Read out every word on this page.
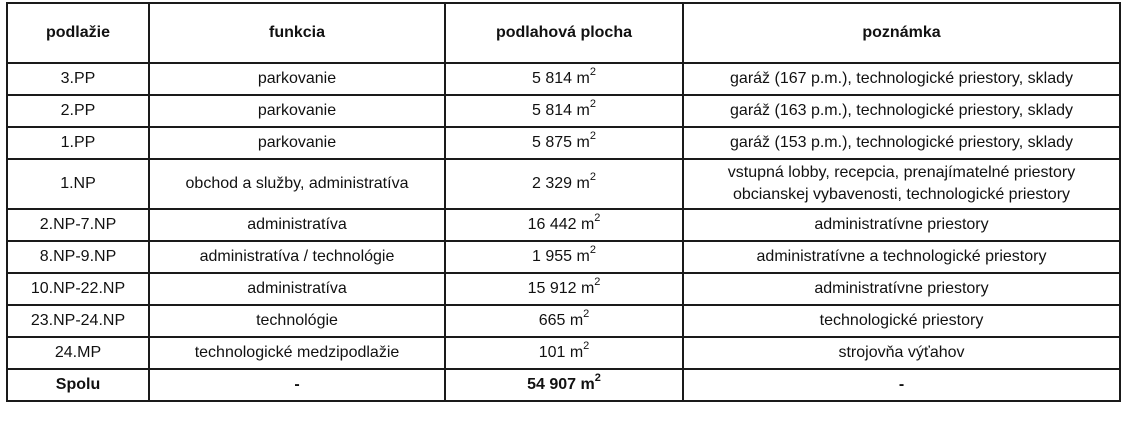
podlažie	funkcia	podlahová plocha	poznámka
3.PP	parkovanie	5 814 $m^2$	garáž (167 p.m.), technologické priestory, sklady

2.PP	parkovanie	5 814 $m^2$	garáž (163 p.m.), technologické priestory, sklady

1.PP	parkovanie	5 875 $m^2$	garáž (153 p.m.), technologické priestory, sklady

1.NP	obchod a služby, administratíva	2 329 $m^2$	vstupná lobby, recepcia, prenajímatelné priestory
obcianskej vybavenosti, technologické priestory

2.NP-7.NP	administratíva	16 442 $m^2$	administratívne priestory

8.NP-9.NP	administratíva / technológie	1 955 $m^2$	administratívne a technologické priestory

10.NP-22.NP	administratíva	15 912 $m^2$	administratívne priestory

23.NP-24.NP	technológie	665 $m^2$	technologické priestory

24.MP	technologické medzipodlažie	101 $m^2$	strojovňa výťahov

Spolu	-	54 907 $m^2$	-
